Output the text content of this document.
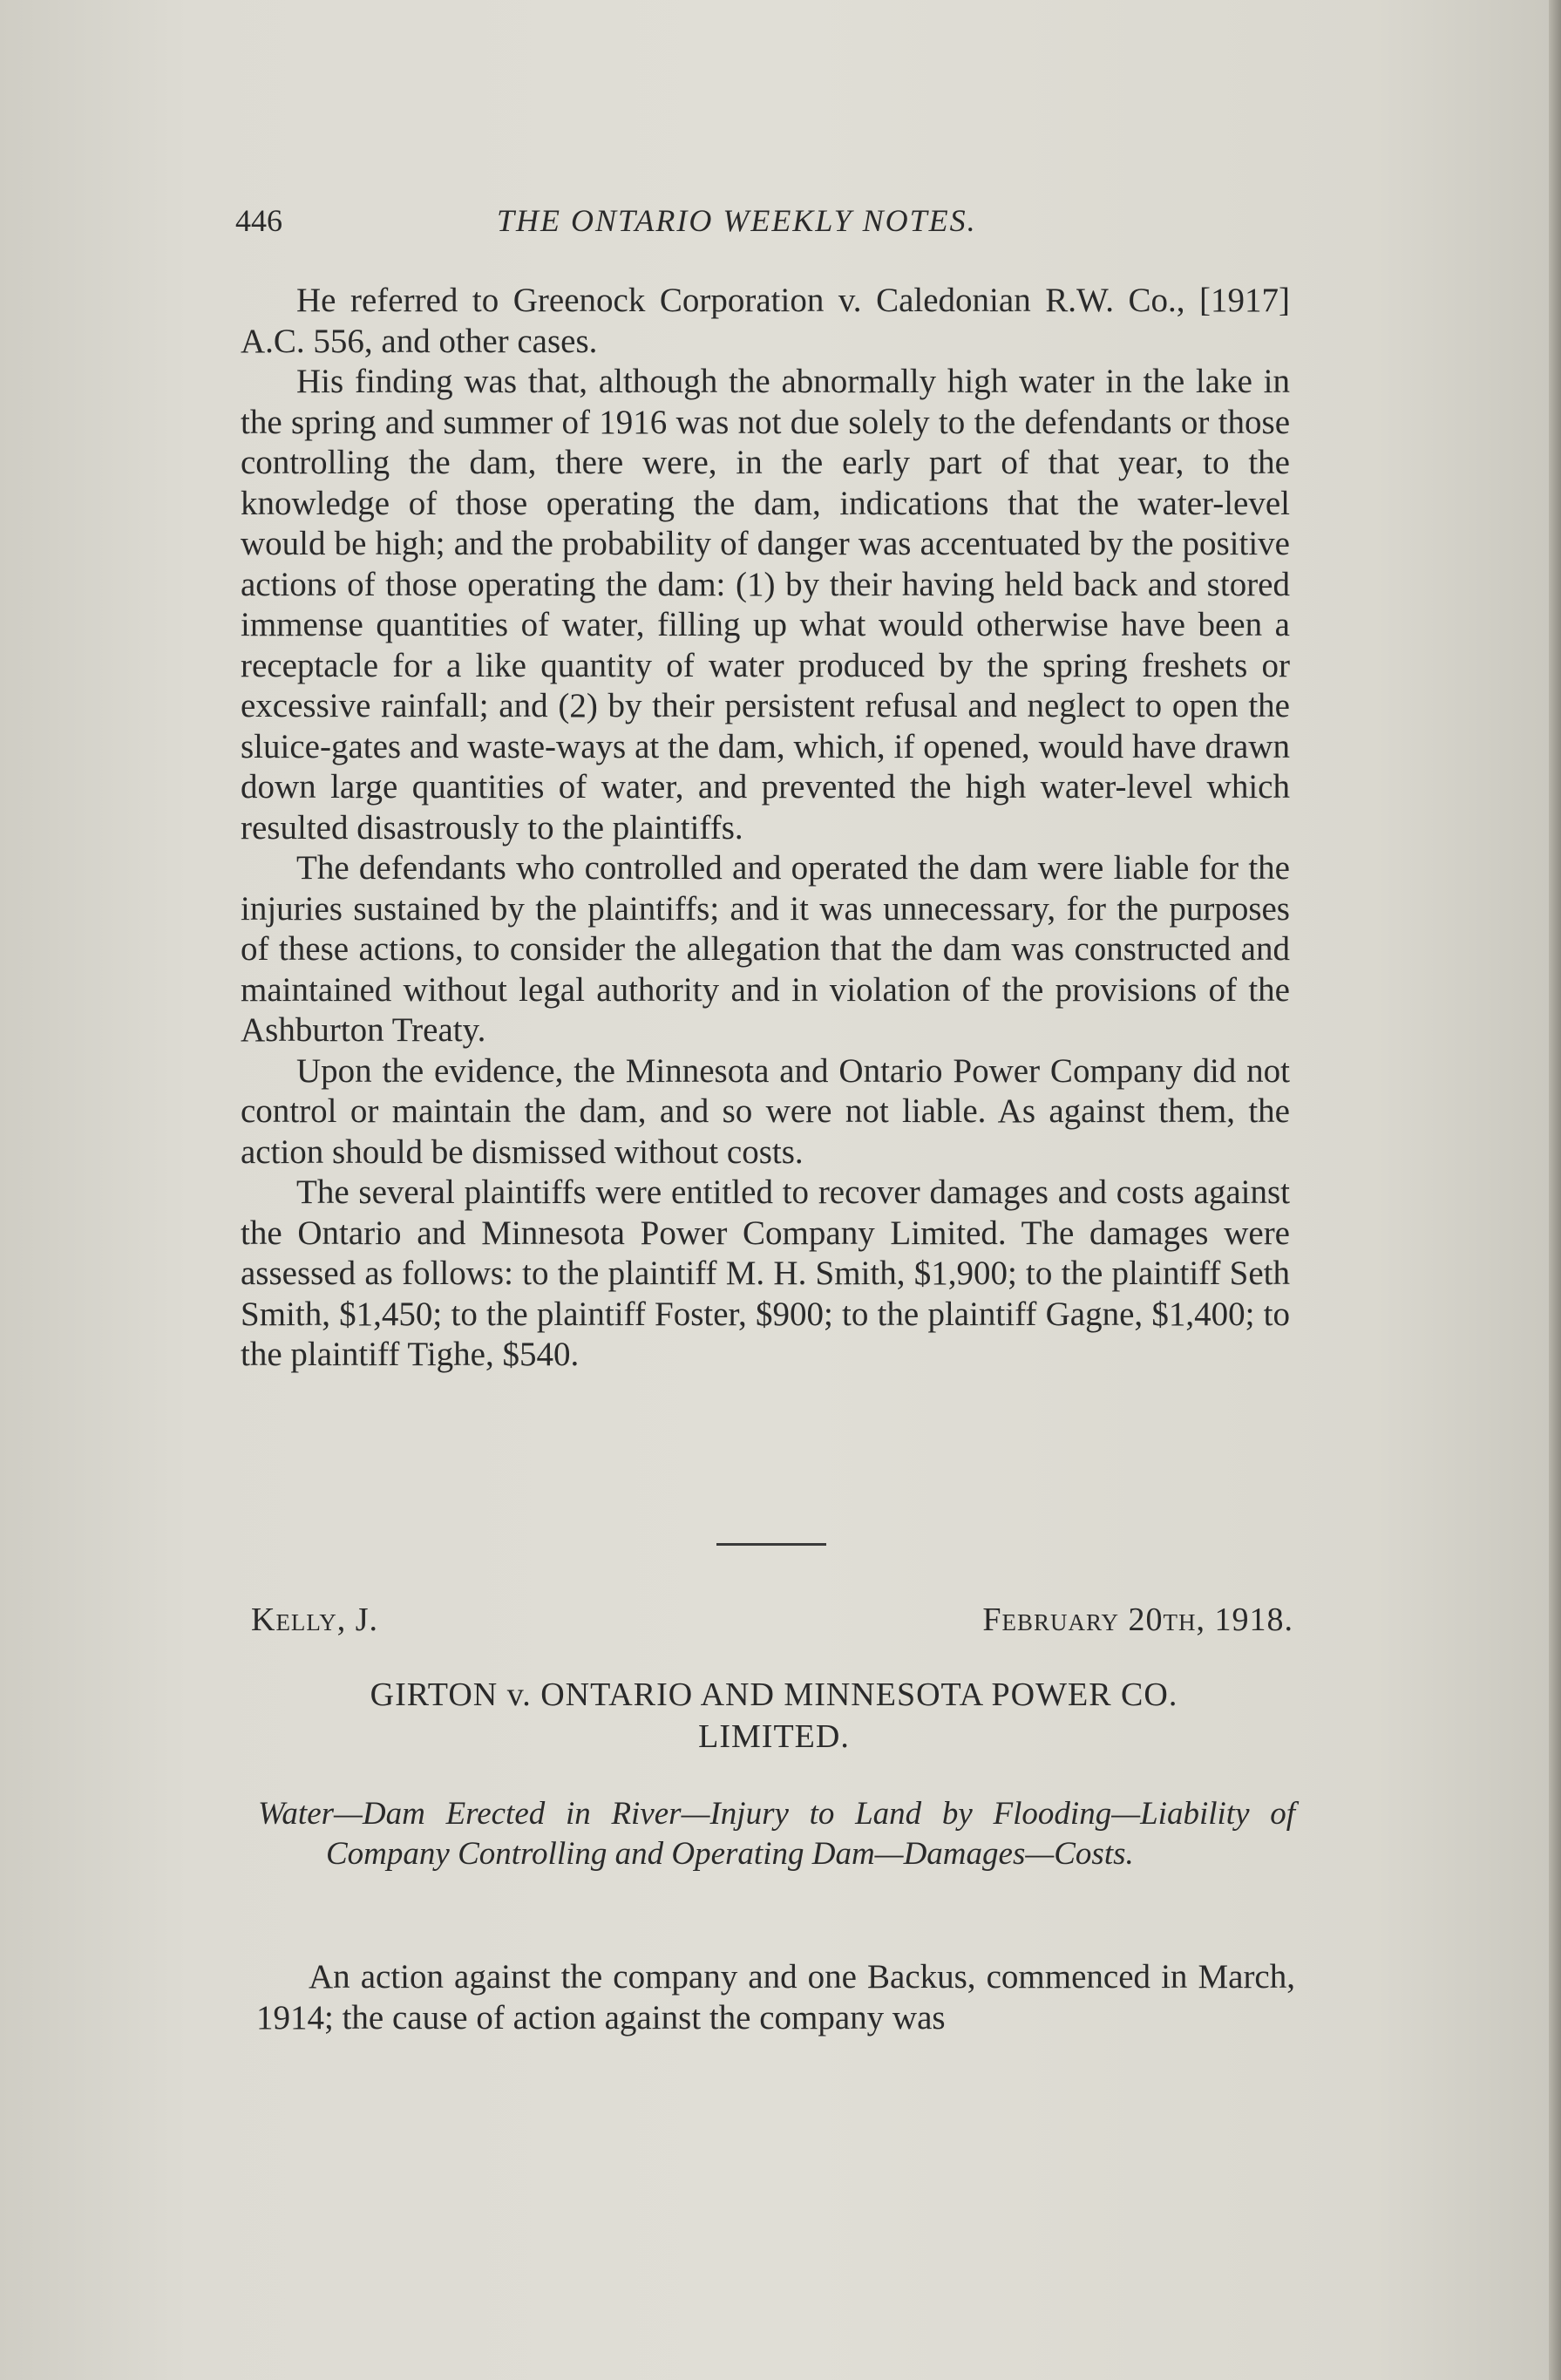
446	THE ONTARIO WEEKLY NOTES.

He referred to Greenock Corporation v. Caledonian R.W. Co., [1917] A.C. 556, and other cases.

His finding was that, although the abnormally high water in the lake in the spring and summer of 1916 was not due solely to the defendants or those controlling the dam, there were, in the early part of that year, to the knowledge of those operating the dam, indications that the water-level would be high; and the probability of danger was accentuated by the positive actions of those operating the dam: (1) by their having held back and stored immense quantities of water, filling up what would otherwise have been a receptacle for a like quantity of water produced by the spring freshets or excessive rainfall; and (2) by their persistent refusal and neglect to open the sluice-gates and waste-ways at the dam, which, if opened, would have drawn down large quantities of water, and prevented the high water-level which resulted disastrously to the plaintiffs.

The defendants who controlled and operated the dam were liable for the injuries sustained by the plaintiffs; and it was unnecessary, for the purposes of these actions, to consider the allegation that the dam was constructed and maintained without legal authority and in violation of the provisions of the Ashburton Treaty.

Upon the evidence, the Minnesota and Ontario Power Company did not control or maintain the dam, and so were not liable. As against them, the action should be dismissed without costs.

The several plaintiffs were entitled to recover damages and costs against the Ontario and Minnesota Power Company Limited. The damages were assessed as follows: to the plaintiff M. H. Smith, $1,900; to the plaintiff Seth Smith, $1,450; to the plaintiff Foster, $900; to the plaintiff Gagne, $1,400; to the plaintiff Tighe, $540.

Kelly, J.	February 20th, 1918.
GIRTON v. ONTARIO AND MINNESOTA POWER CO.
LIMITED.
Water—Dam Erected in River—Injury to Land by Flooding—Liability of Company Controlling and Operating Dam—Damages—Costs.

An action against the company and one Backus, commenced in March, 1914; the cause of action against the company was
